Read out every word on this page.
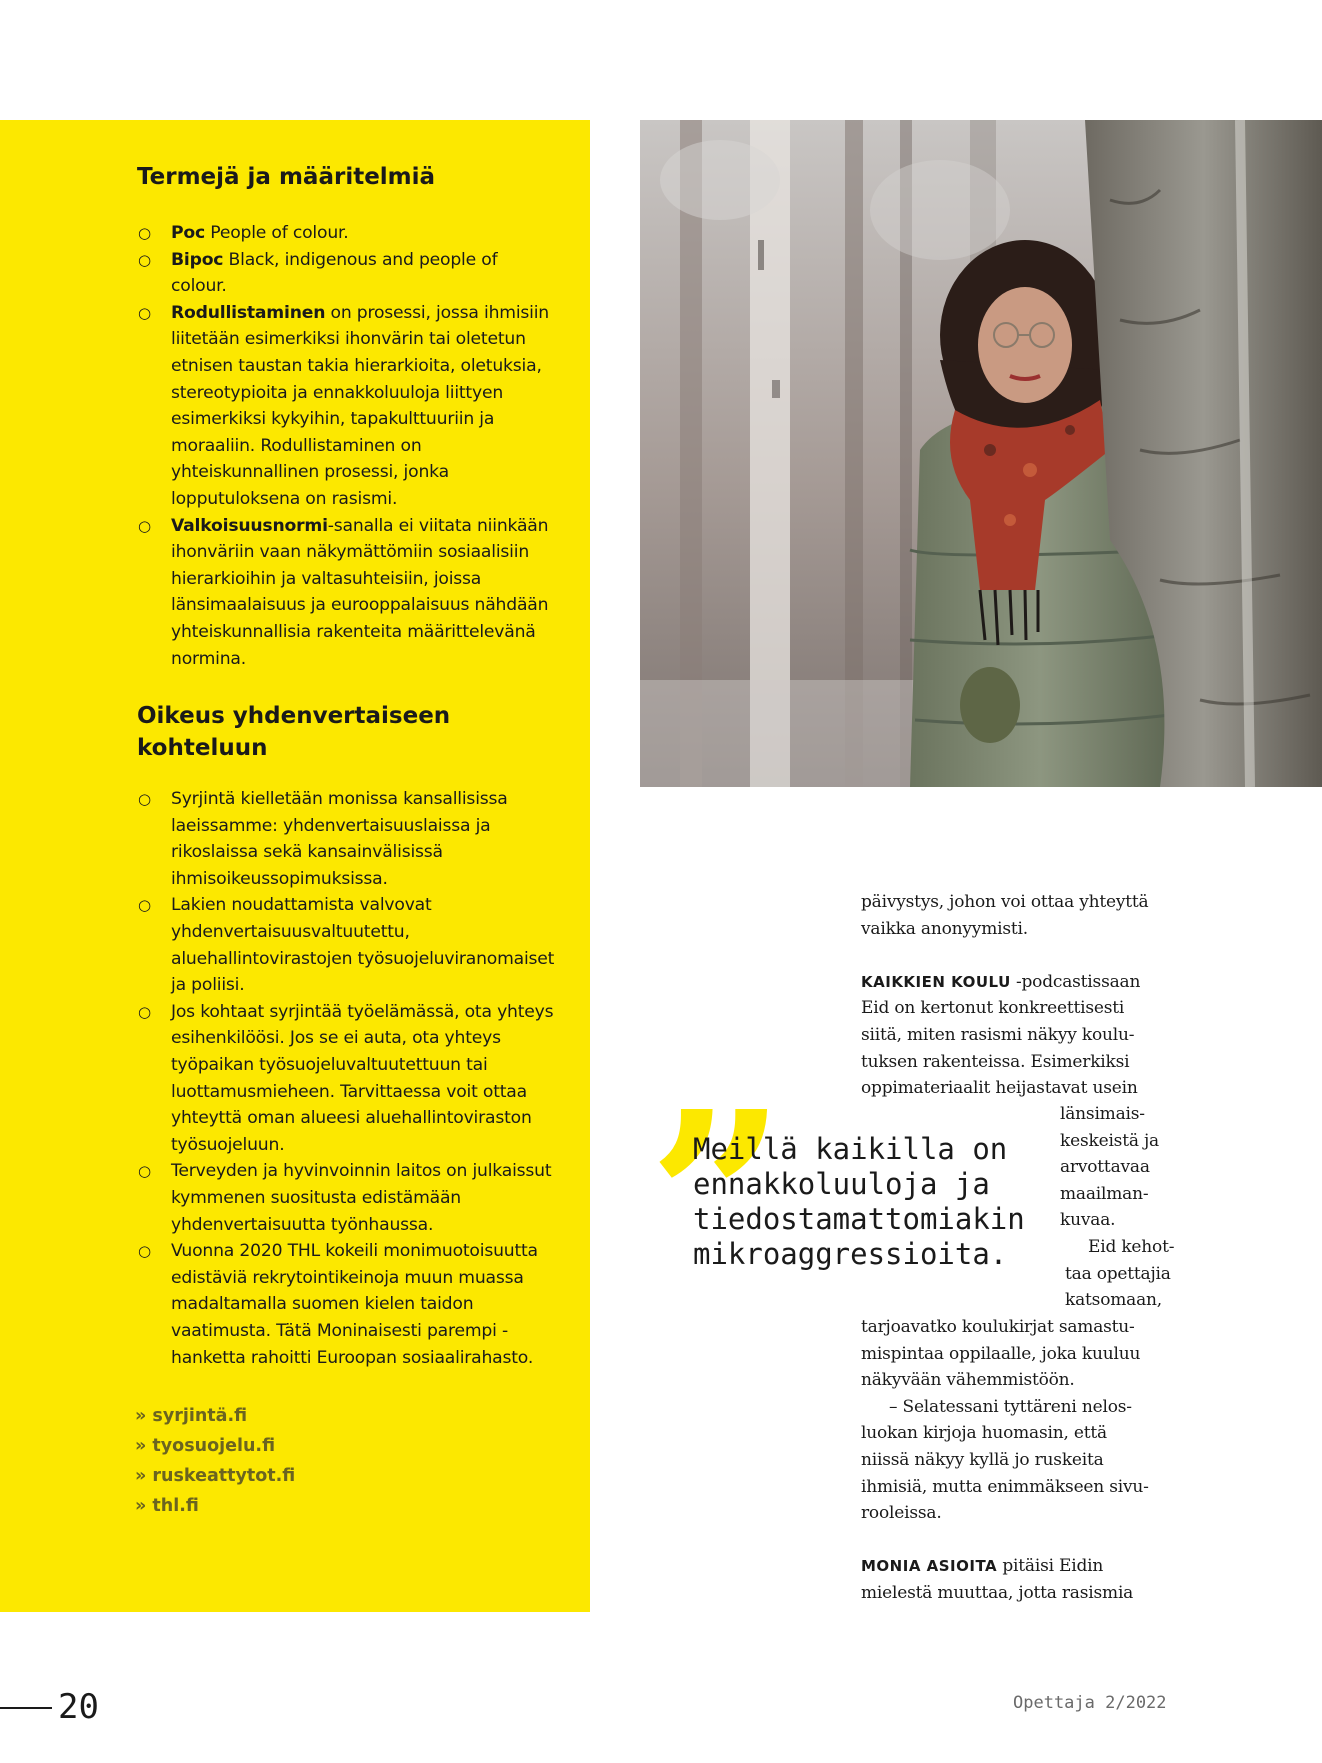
Termejä ja määritelmiä
○ Poc People of colour.
○ Bipoc Black, indigenous and people of colour.
○ Rodullistaminen on prosessi, jossa ihmisiin liitetään esimerkiksi ihonvärin tai oletetun etnisen taustan takia hierarkioita, oletuksia, stereotypioita ja ennakkoluuloja liittyen esimerkiksi kykyihin, tapakulttuuriin ja moraaliin. Rodullistaminen on yhteiskunnallinen prosessi, jonka lopputuloksena on rasismi.
○ Valkoisuusnormi-sanalla ei viitata niinkään ihonväriin vaan näkymättömiin sosiaalisiin hierarkioihin ja valtasuhteisiin, joissa länsimaalaisuus ja eurooppalaisuus nähdään yhteiskunnallisia rakenteita määrittelevänä normina.
Oikeus yhdenvertaiseen kohteluun
○ Syrjintä kielletään monissa kansallisissa laeissamme: yhdenvertaisuuslaissa ja rikoslaissa sekä kansainvälisissä ihmisoikeussopimuksissa.
○ Lakien noudattamista valvovat yhdenvertaisuusvaltuutettu, aluehallintovirastojen työsuojeluviranomaiset ja poliisi.
○ Jos kohtaat syrjintää työelämässä, ota yhteys esihenkilöösi. Jos se ei auta, ota yhteys työpaikan työsuojeluvaltuutettuun tai luottamusmieheen. Tarvittaessa voit ottaa yhteyttä oman alueesi aluehallintoviraston työsuojeluun.
○ Terveyden ja hyvinvoinnin laitos on julkaissut kymmenen suositusta edistämään yhdenvertaisuutta työnhaussa.
○ Vuonna 2020 THL kokeili monimuotoisuutta edistäviä rekrytointikeinoja muun muassa madaltamalla suomen kielen taidon vaatimusta. Tätä Moninaisesti parempi -hanketta rahoitti Euroopan sosiaalirahasto.
» syrjintä.fi
» tyosuojelu.fi
» ruskeattytot.fi
» thl.fi
”

Meillä kaikilla on ennakkoluuloja ja tiedostamattomiakin mikroaggressioita.

päivystys, johon voi ottaa yhteyttä
vaikka anonyymisti.
KAIKKIEN KOULU -podcastissaan
Eid on kertonut konkreettisesti
siitä, miten rasismi näkyy koulu-
tuksen rakenteissa. Esimerkiksi
oppimateriaalit heijastavat usein
länsimais-
keskeistä ja
arvottavaa
maailman-
kuvaa.
Eid kehot-
taa opettajia
katsomaan,
tarjoavatko koulukirjat samastu-
mispintaa oppilaalle, joka kuuluu
näkyvään vähemmistöön.
– Selatessani tyttäreni nelos-
luokan kirjoja huomasin, että
niissä näkyy kyllä jo ruskeita
ihmisiä, mutta enimmäkseen sivu-
rooleissa.
MONIA ASIOITA pitäisi Eidin
mielestä muuttaa, jotta rasismia
20	Opettaja 2/2022
